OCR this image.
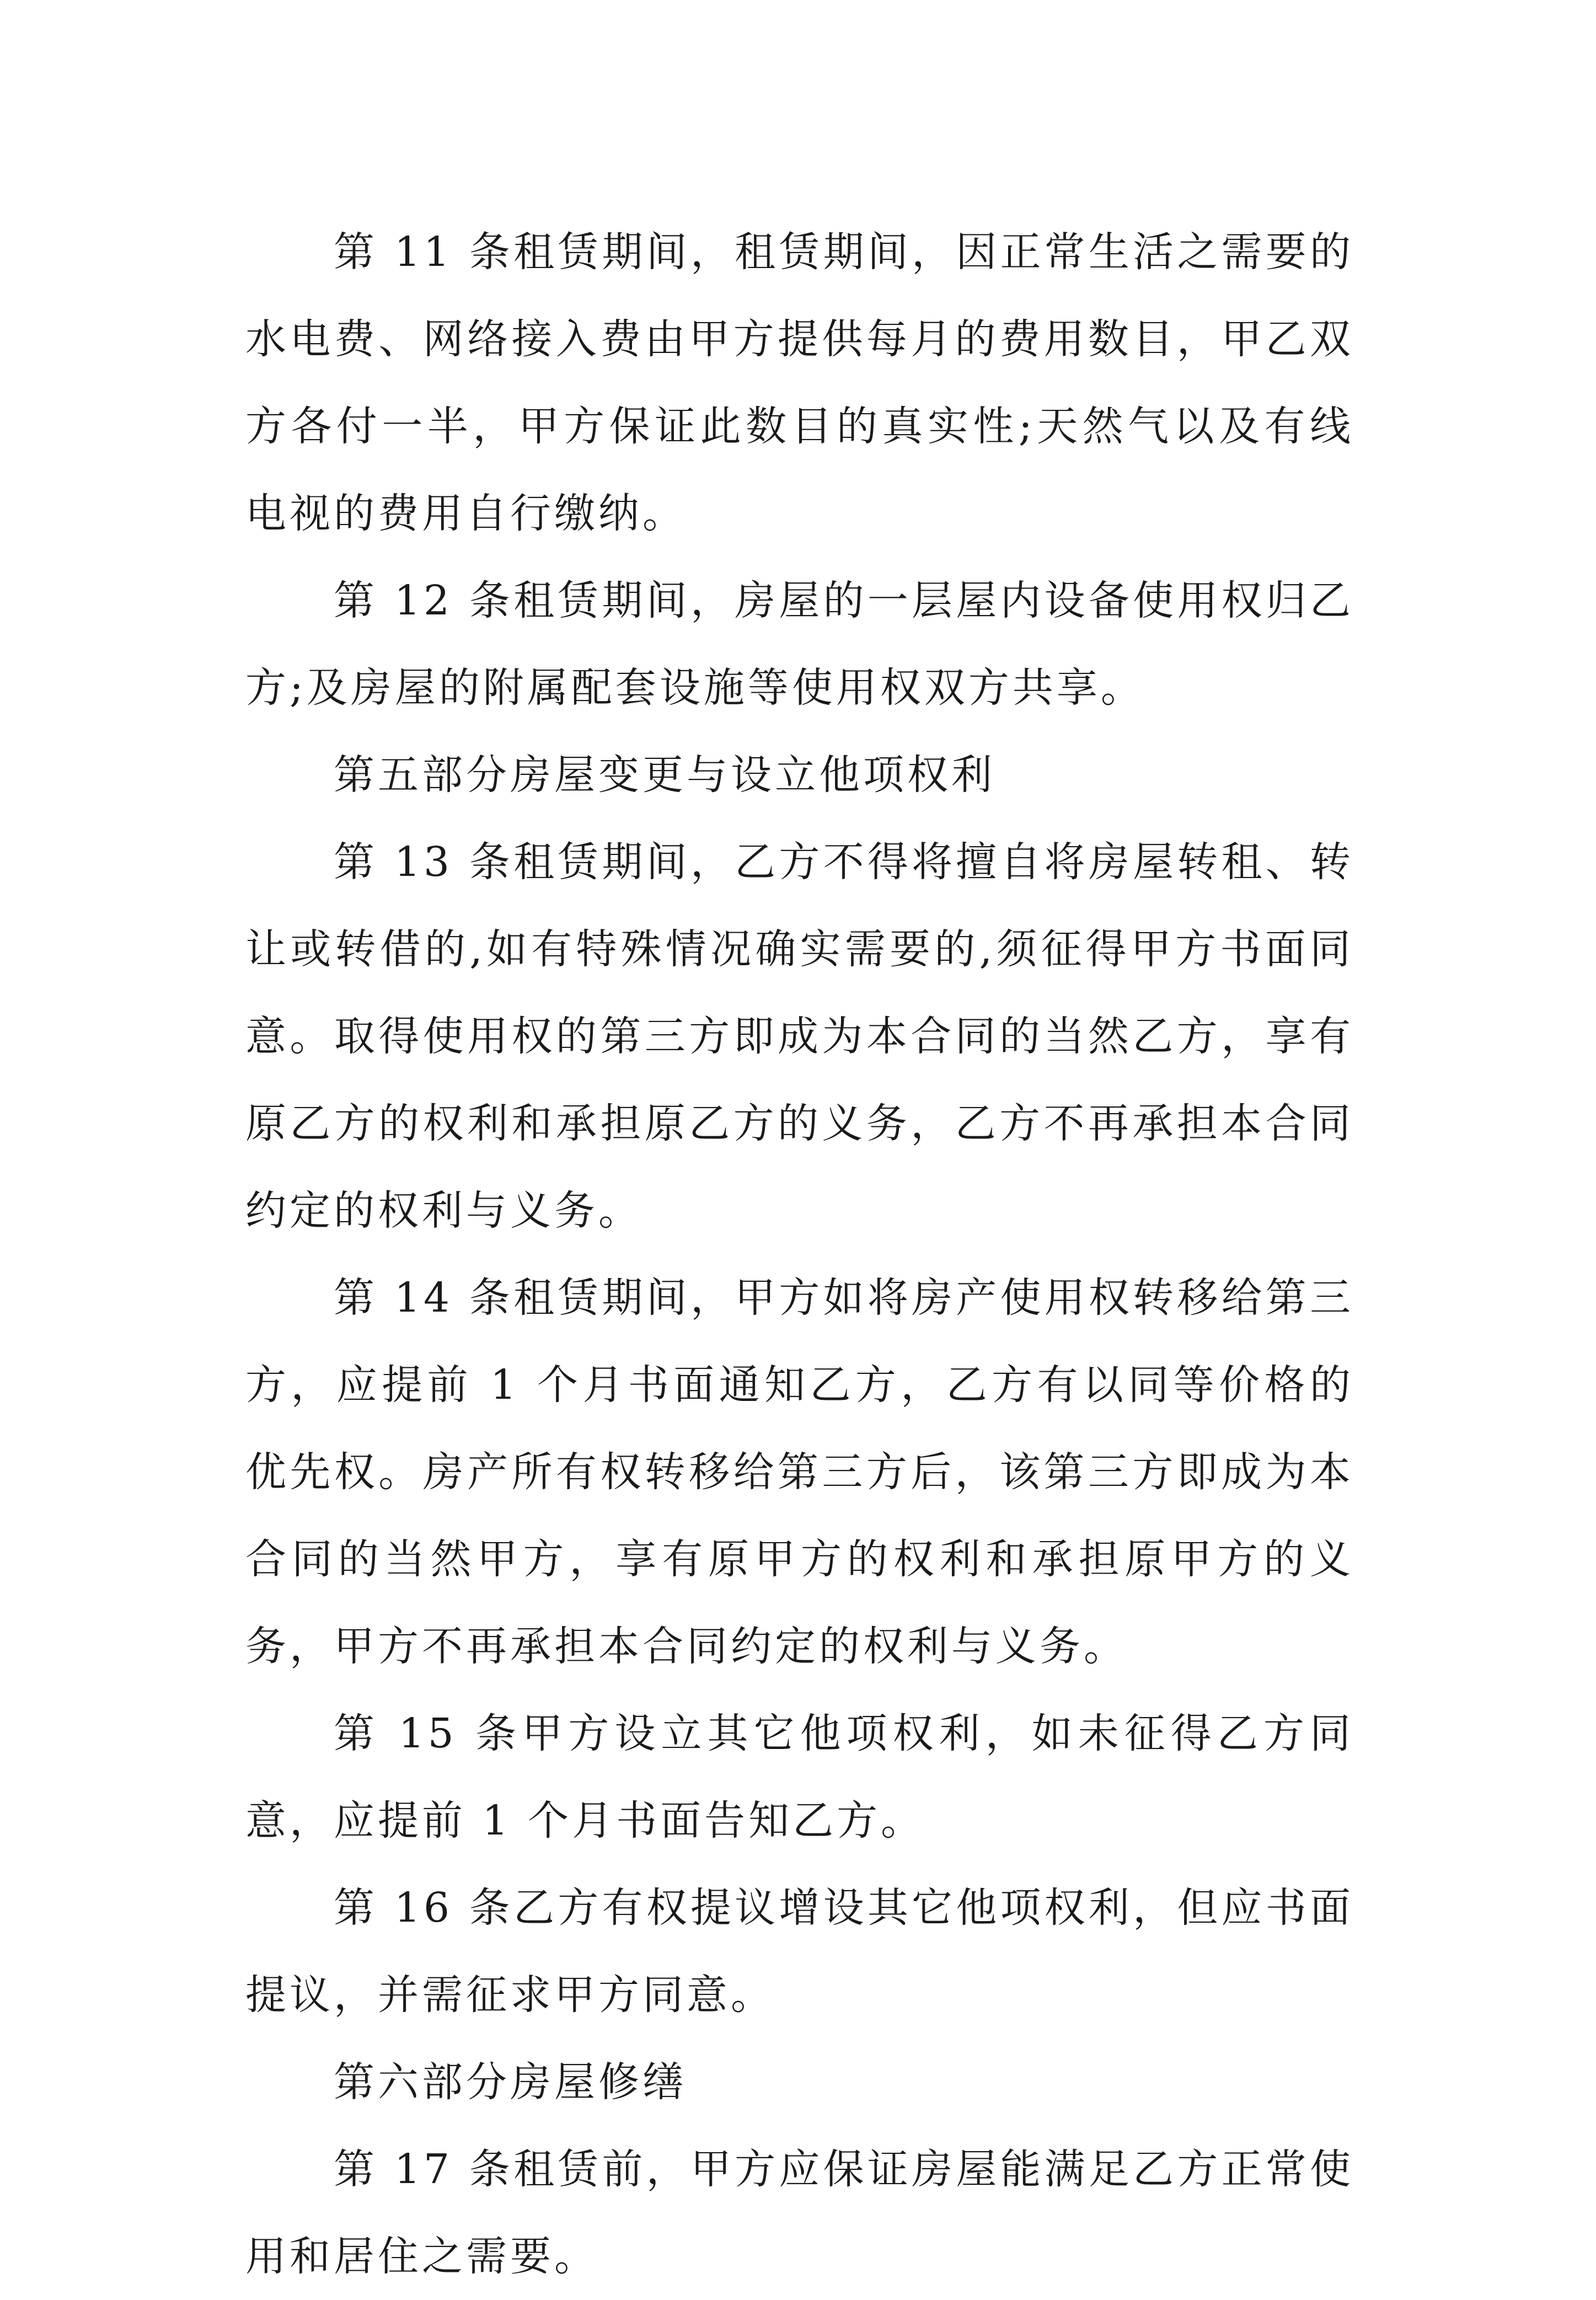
第 11 条租赁期间，租赁期间，因正常生活之需要的水电费、网络接入费由甲方提供每月的费用数目，甲乙双方各付一半，甲方保证此数目的真实性;天然气以及有线电视的费用自行缴纳。

第 12 条租赁期间，房屋的一层屋内设备使用权归乙方;及房屋的附属配套设施等使用权双方共享。

第五部分房屋变更与设立他项权利

第 13 条租赁期间，乙方不得将擅自将房屋转租、转让或转借的,如有特殊情况确实需要的,须征得甲方书面同意。取得使用权的第三方即成为本合同的当然乙方，享有原乙方的权利和承担原乙方的义务，乙方不再承担本合同约定的权利与义务。

第 14 条租赁期间，甲方如将房产使用权转移给第三方，应提前 1 个月书面通知乙方，乙方有以同等价格的优先权。房产所有权转移给第三方后，该第三方即成为本合同的当然甲方，享有原甲方的权利和承担原甲方的义务，甲方不再承担本合同约定的权利与义务。

第 15 条甲方设立其它他项权利，如未征得乙方同意，应提前 1 个月书面告知乙方。

第 16 条乙方有权提议增设其它他项权利，但应书面提议，并需征求甲方同意。

第六部分房屋修缮

第 17 条租赁前，甲方应保证房屋能满足乙方正常使用和居住之需要。
